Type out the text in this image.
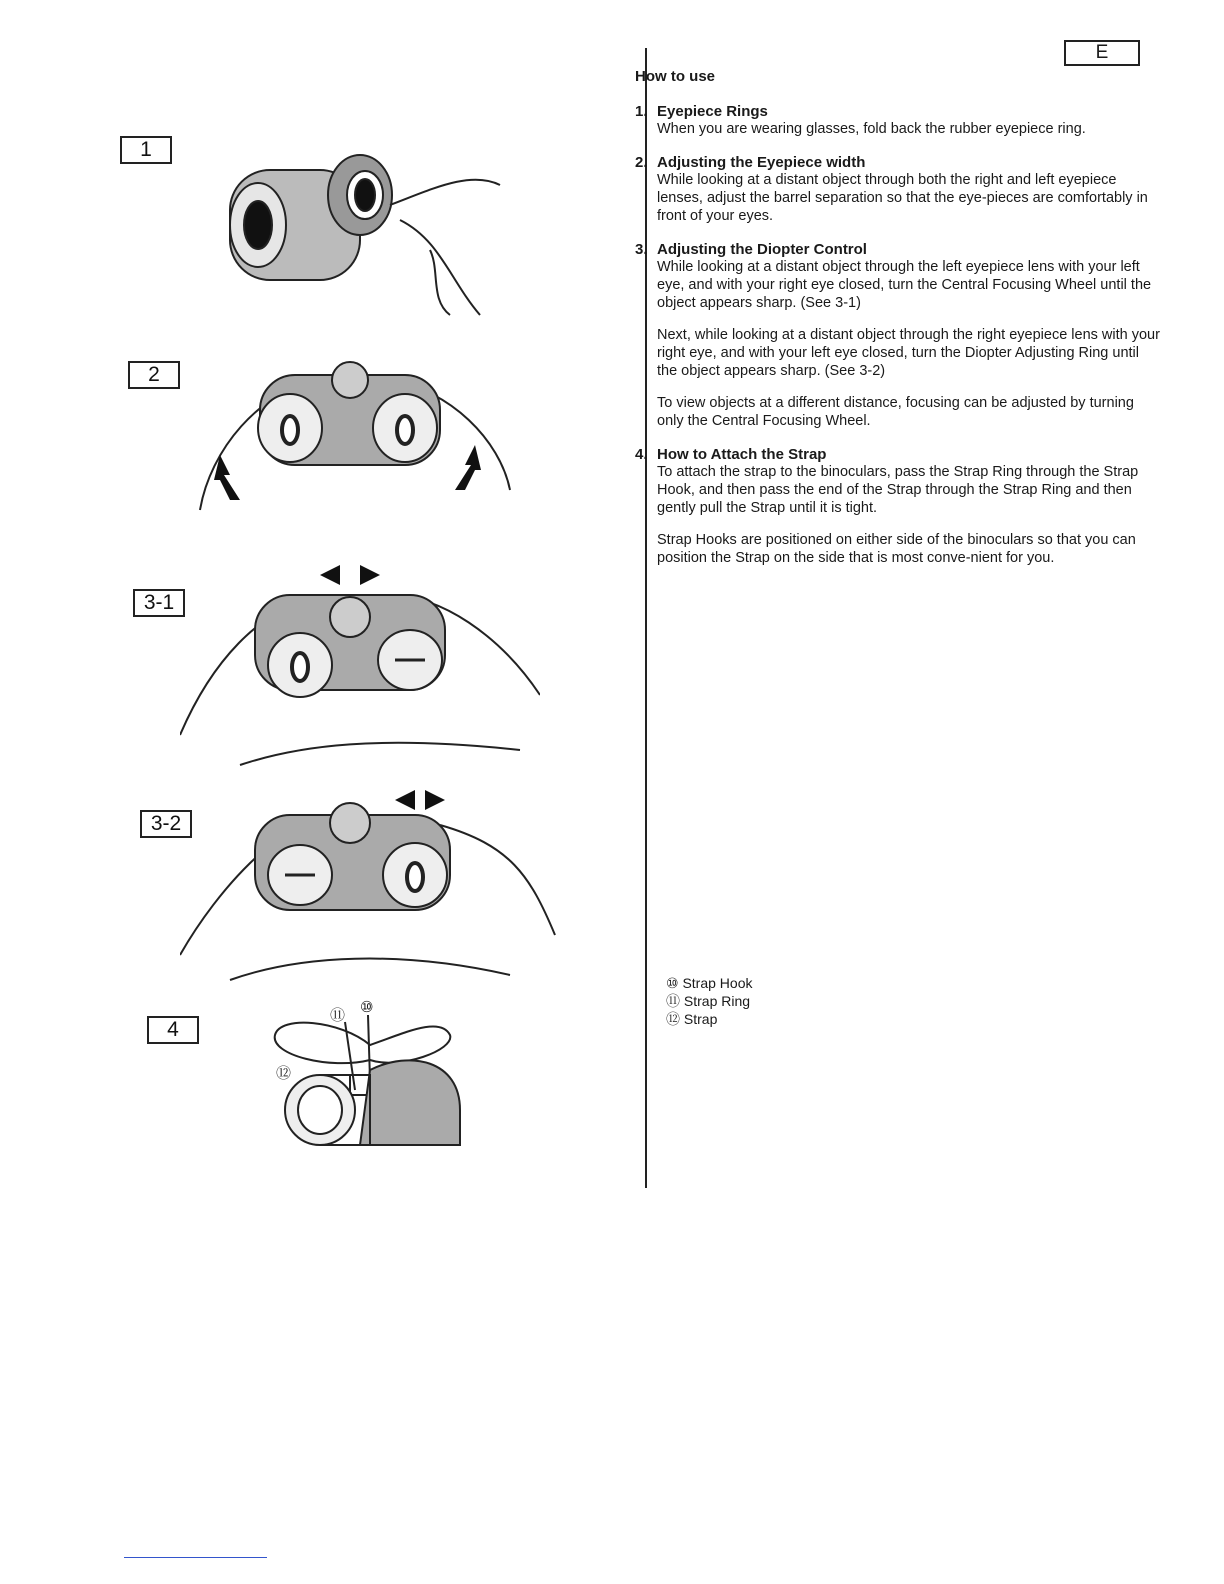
1
2
3-1
3-2
4
⑪ ⑩
⑫
E
How to use
1. Eyepiece Rings

When you are wearing glasses, fold back the rubber eyepiece ring.

2. Adjusting the Eyepiece width

While looking at a distant object through both the right and left eyepiece lenses, adjust the barrel separation so that the eye-pieces are comfortably in front of your eyes.

3. Adjusting the Diopter Control

While looking at a distant object through the left eyepiece lens with your left eye, and with your right eye closed, turn the Central Focusing Wheel until the object appears sharp. (See 3-1)

Next, while looking at a distant object through the right eyepiece lens with your right eye, and with your left eye closed, turn the Diopter Adjusting Ring until the object appears sharp. (See 3-2)

To view objects at a different distance, focusing can be adjusted by turning only the Central Focusing Wheel.

4. How to Attach the Strap

To attach the strap to the binoculars, pass the Strap Ring through the Strap Hook, and then pass the end of the Strap through the Strap Ring and then gently pull the Strap until it is tight.

Strap Hooks are positioned on either side of the binoculars so that you can position the Strap on the side that is most conve-nient for you.

⑩ Strap Hook
⑪ Strap Ring
⑫ Strap
